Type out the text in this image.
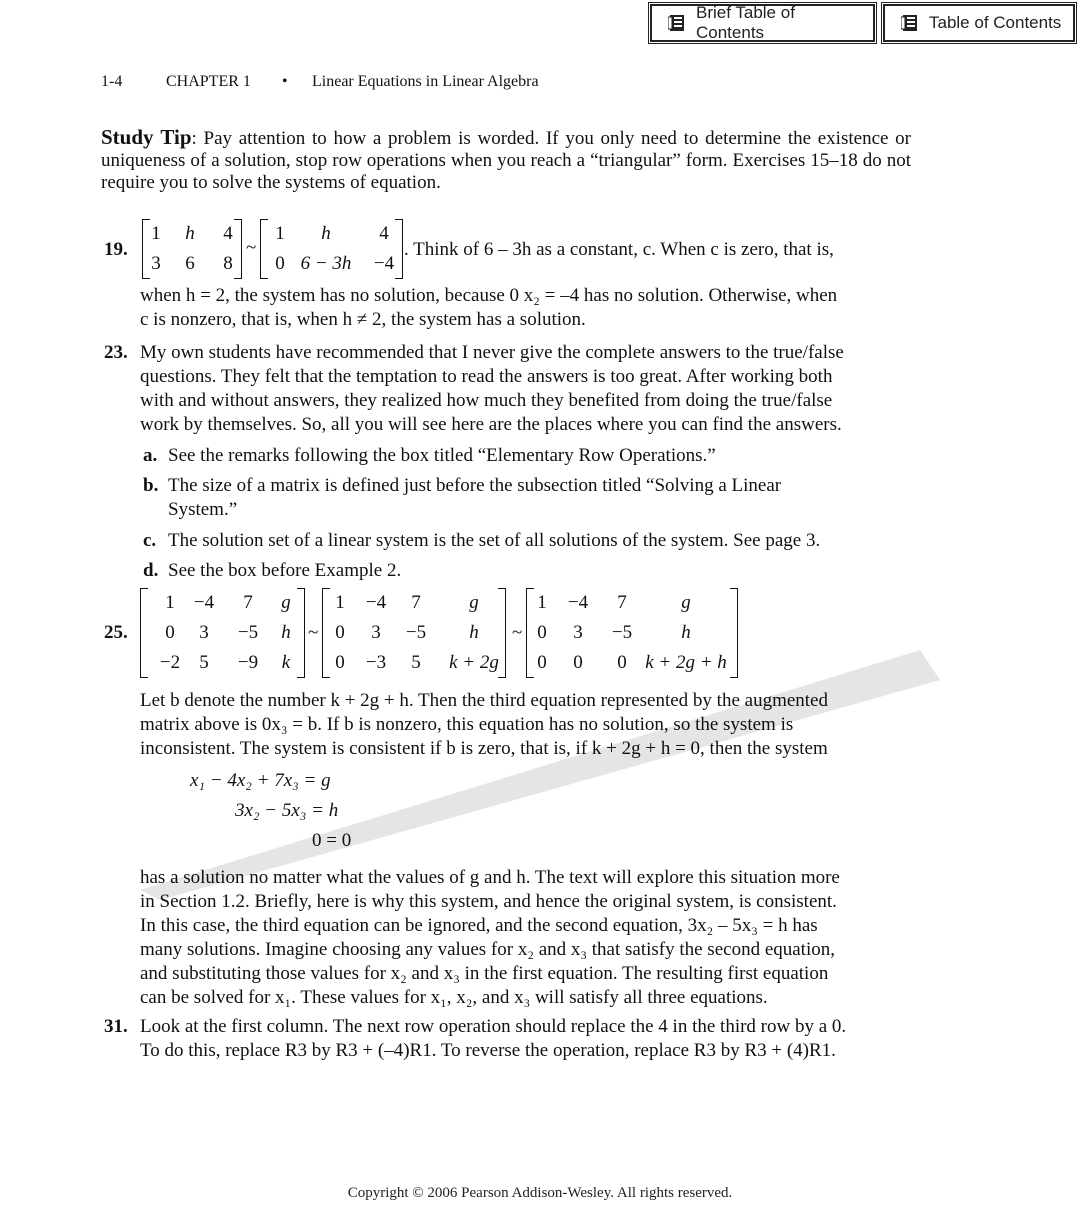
Brief Table of Contents
Table of Contents
1-4	CHAPTER 1 • Linear Equations in Linear Algebra
Study Tip: Pay attention to how a problem is worded. If you only need to determine the existence or uniqueness of a solution, stop row operations when you reach a “triangular” form. Exercises 15–18 do not require you to solve the systems of equation.
19.
1 h 4
3 6 8
~
1 h	4
0 6 − 3h −4
. Think of 6 – 3h as a constant, c. When c is zero, that is,
when h = 2, the system has no solution, because 0 x₂ = –4 has no solution. Otherwise, when
c is nonzero, that is, when h ≠ 2, the system has a solution.
23. My own students have recommended that I never give the complete answers to the true/false
questions. They felt that the temptation to read the answers is too great. After working both
with and without answers, they realized how much they benefited from doing the true/false
work by themselves. So, all you will see here are the places where you can find the answers.
a. See the remarks following the box titled “Elementary Row Operations.”
b. The size of a matrix is defined just before the subsection titled “Solving a Linear
System.”
c. The solution set of a linear system is the set of all solutions of the system. See page 3.
d. See the box before Example 2.
25.
1 −4 7 g
0 3 −5 h
−2 5 −9 k
~
1 −4 7	g
0 3 −5 h
0 −3 5 k + 2g
~
1 −4 7	g
0 3 −5	h
0 0 0 k + 2g + h
Let b denote the number k + 2g + h. Then the third equation represented by the augmented
matrix above is 0x₃ = b. If b is nonzero, this equation has no solution, so the system is
inconsistent. The system is consistent if b is zero, that is, if k + 2g + h = 0, then the system
x₁ − 4x₂ + 7x₃ = g
3x₂ − 5x₃ = h
0 = 0
has a solution no matter what the values of g and h. The text will explore this situation more
in Section 1.2. Briefly, here is why this system, and hence the original system, is consistent.
In this case, the third equation can be ignored, and the second equation, 3x₂ – 5x₃ = h has
many solutions. Imagine choosing any values for x₂ and x₃ that satisfy the second equation,
and substituting those values for x₂ and x₃ in the first equation. The resulting first equation
can be solved for x₁. These values for x₁, x₂, and x₃ will satisfy all three equations.
31. Look at the first column. The next row operation should replace the 4 in the third row by a 0.
To do this, replace R3 by R3 + (–4)R1. To reverse the operation, replace R3 by R3 + (4)R1.
Copyright © 2006 Pearson Addison-Wesley. All rights reserved.
